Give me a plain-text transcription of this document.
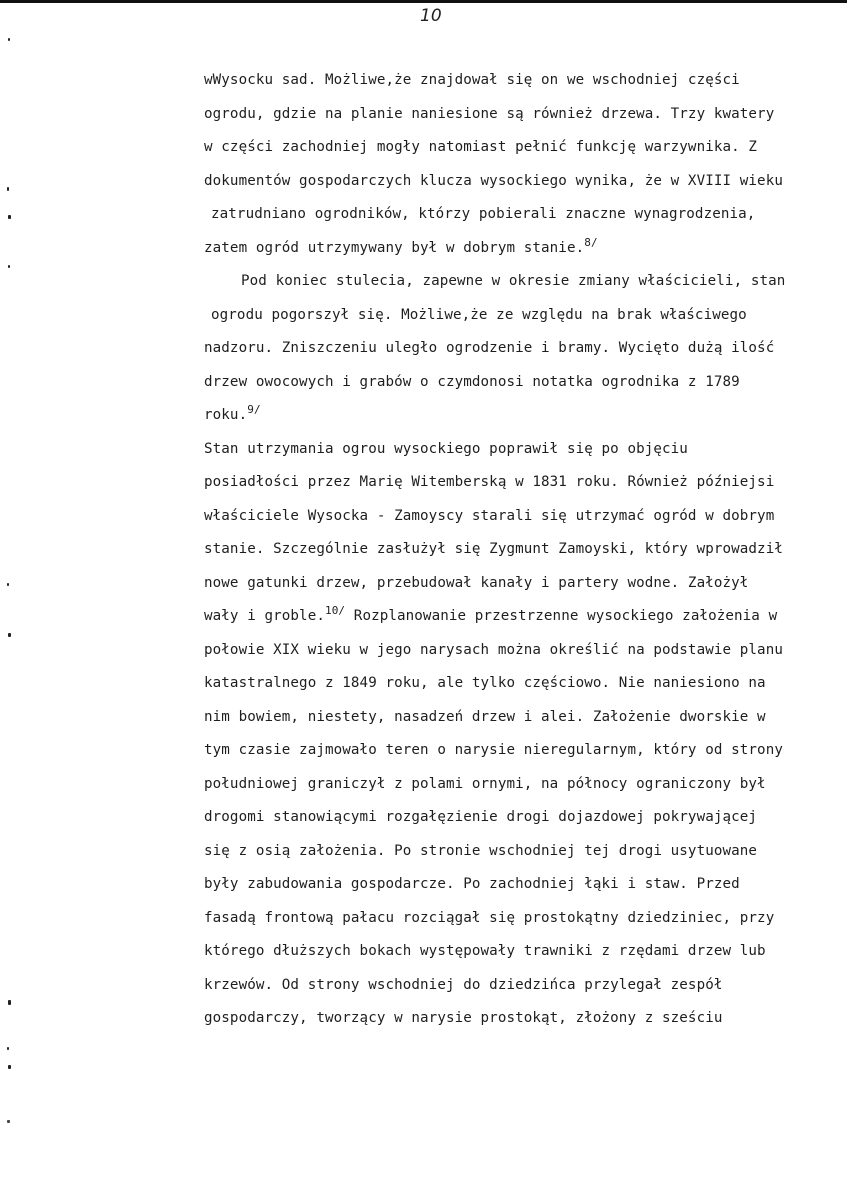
10
wWysocku sad. Możliwe,że znajdował się on we wschodniej części
ogrodu, gdzie na planie naniesione są również drzewa. Trzy kwatery
w części zachodniej mogły natomiast pełnić funkcję warzywnika. Z
dokumentów gospodarczych klucza wysockiego wynika, że w XVIII wieku
zatrudniano ogrodników, którzy pobierali znaczne wynagrodzenia,
zatem ogród utrzymywany był w dobrym stanie.$^{8/}$
Pod koniec stulecia, zapewne w okresie zmiany właścicieli, stan
ogrodu pogorszył się. Możliwe,że ze względu na brak właściwego
nadzoru. Zniszczeniu uległo ogrodzenie i bramy. Wycięto dużą ilość
drzew owocowych i grabów o czymdonosi notatka ogrodnika z 1789
roku.$^{9/}$
Stan utrzymania ogrou wysockiego poprawił się po objęciu
posiadłości przez Marię Witemberską w 1831 roku. Również późniejsi
właściciele Wysocka - Zamoyscy starali się utrzymać ogród w dobrym
stanie. Szczególnie zasłużył się Zygmunt Zamoyski, który wprowadził
nowe gatunki drzew, przebudował kanały i partery wodne. Założył
wały i groble.$^{10/}$ Rozplanowanie przestrzenne wysockiego założenia w
połowie XIX wieku w jego narysach można określić na podstawie planu
katastralnego z 1849 roku, ale tylko częściowo. Nie naniesiono na
nim bowiem, niestety, nasadzeń drzew i alei. Założenie dworskie w
tym czasie zajmowało teren o narysie nieregularnym, który od strony
południowej graniczył z polami ornymi, na północy ograniczony był
drogomi stanowiącymi rozgałęzienie drogi dojazdowej pokrywającej
się z osią założenia. Po stronie wschodniej tej drogi usytuowane
były zabudowania gospodarcze. Po zachodniej łąki i staw. Przed
fasadą frontową pałacu rozciągał się prostokątny dziedziniec, przy
którego dłuższych bokach występowały trawniki z rzędami drzew lub
krzewów. Od strony wschodniej do dziedzińca przylegał zespół
gospodarczy, tworzący w narysie prostokąt, złożony z sześciu
